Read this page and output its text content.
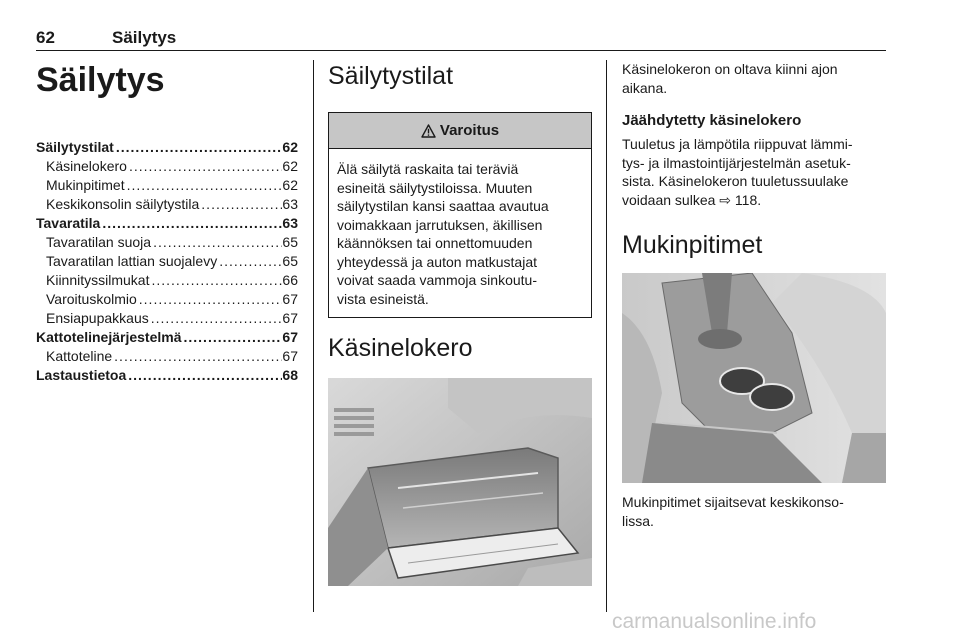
62	Säilytys
Säilytys
Säilytystilat .....	62
Käsinelokero .....	62
Mukinpitimet .....	62
Keskikonsolin säilytystila .....	63
Tavaratila .....	63
Tavaratilan suoja .....	65
Tavaratilan lattian suojalevy .....	65
Kiinnityssilmukat .....	66
Varoituskolmio .....	67
Ensiapupakkaus .....	67
Kattotelinejärjestelmä .....	67
Kattoteline .....	67
Lastaustietoa .....	68
Säilytystilat
Varoitus
Älä säilytä raskaita tai teräviä
esineitä säilytystiloissa. Muuten
säilytystilan kansi saattaa avautua
voimakkaan jarrutuksen, äkillisen
käännöksen tai onnettomuuden
yhteydessä ja auton matkustajat
voivat saada vammoja sinkoutu-
vista esineistä.
Käsinelokero
Käsinelokeron on oltava kiinni ajon
aikana.
Jäähdytetty käsinelokero
Tuuletus ja lämpötila riippuvat lämmi-
tys- ja ilmastointijärjestelmän asetuk-
sista. Käsinelokeron tuuletussuulake
voidaan sulkea ⇨ 118.
Mukinpitimet
Mukinpitimet sijaitsevat keskikonso-
lissa.
carmanualsonline.info
